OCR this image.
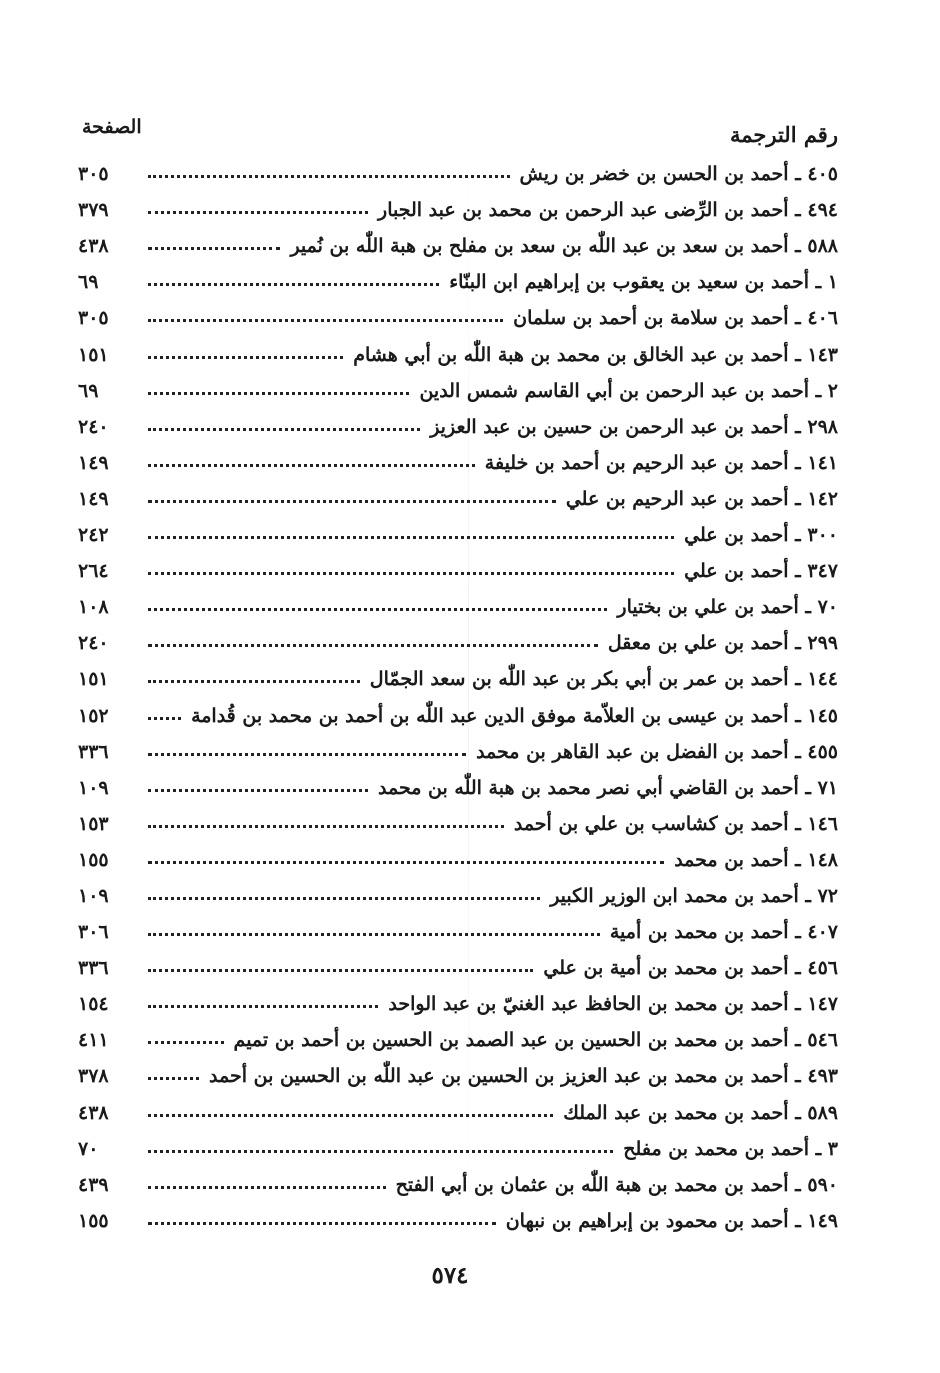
رقم الترجمة
الصفحة
٤٠٥ ـ أحمد بن الحسن بن خضر بن ريش
٣٠٥
٤٩٤ ـ أحمد بن الرِّضى عبد الرحمن بن محمد بن عبد الجبار
٣٧٩
٥٨٨ ـ أحمد بن سعد بن عبد اللّٰه بن سعد بن مفلح بن هبة اللّٰه بن نُمير
٤٣٨
١ ـ أحمد بن سعيد بن يعقوب بن إبراهيم ابن البنّاء
٦٩
٤٠٦ ـ أحمد بن سلامة بن أحمد بن سلمان
٣٠٥
١٤٣ ـ أحمد بن عبد الخالق بن محمد بن هبة اللّٰه بن أبي هشام
١٥١
٢ ـ أحمد بن عبد الرحمن بن أبي القاسم شمس الدين
٦٩
٢٩٨ ـ أحمد بن عبد الرحمن بن حسين بن عبد العزيز
٢٤٠
١٤١ ـ أحمد بن عبد الرحيم بن أحمد بن خليفة
١٤٩
١٤٢ ـ أحمد بن عبد الرحيم بن علي
١٤٩
٣٠٠ ـ أحمد بن علي
٢٤٢
٣٤٧ ـ أحمد بن علي
٢٦٤
٧٠ ـ أحمد بن علي بن بختيار
١٠٨
٢٩٩ ـ أحمد بن علي بن معقل
٢٤٠
١٤٤ ـ أحمد بن عمر بن أبي بكر بن عبد اللّٰه بن سعد الجمّال
١٥١
١٤٥ ـ أحمد بن عيسى بن العلاّمة موفق الدين عبد اللّٰه بن أحمد بن محمد بن قُدامة
١٥٢
٤٥٥ ـ أحمد بن الفضل بن عبد القاهر بن محمد
٣٣٦
٧١ ـ أحمد بن القاضي أبي نصر محمد بن هبة اللّٰه بن محمد
١٠٩
١٤٦ ـ أحمد بن كشاسب بن علي بن أحمد
١٥٣
١٤٨ ـ أحمد بن محمد
١٥٥
٧٢ ـ أحمد بن محمد ابن الوزير الكبير
١٠٩
٤٠٧ ـ أحمد بن محمد بن أمية
٣٠٦
٤٥٦ ـ أحمد بن محمد بن أمية بن علي
٣٣٦
١٤٧ ـ أحمد بن محمد بن الحافظ عبد الغنيّ بن عبد الواحد
١٥٤
٥٤٦ ـ أحمد بن محمد بن الحسين بن عبد الصمد بن الحسين بن أحمد بن تميم
٤١١
٤٩٣ ـ أحمد بن محمد بن عبد العزيز بن الحسين بن عبد اللّٰه بن الحسين بن أحمد
٣٧٨
٥٨٩ ـ أحمد بن محمد بن عبد الملك
٤٣٨
٣ ـ أحمد بن محمد بن مفلح
٧٠
٥٩٠ ـ أحمد بن محمد بن هبة اللّٰه بن عثمان بن أبي الفتح
٤٣٩
١٤٩ ـ أحمد بن محمود بن إبراهيم بن نبهان
١٥٥
٥٧٤
